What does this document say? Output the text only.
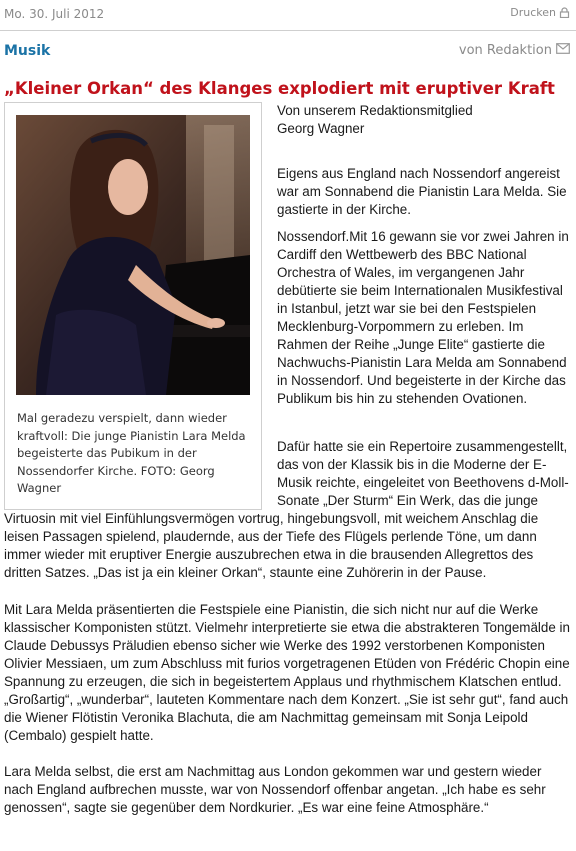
Mo. 30. Juli 2012	Drucken
Musik	von Redaktion
„Kleiner Orkan“ des Klanges explodiert mit eruptiver Kraft
Mal geradezu verspielt, dann wieder kraftvoll: Die junge Pianistin Lara Melda begeisterte das Pubikum in der Nossendorfer Kirche. FOTO: Georg Wagner

Von unserem Redaktionsmitglied
Georg Wagner

Eigens aus England nach Nossendorf angereist war am Sonnabend die Pianistin Lara Melda. Sie gastierte in der Kirche.

Nossendorf.Mit 16 gewann sie vor zwei Jahren in Cardiff den Wettbewerb des BBC National Orchestra of Wales, im vergangenen Jahr debütierte sie beim Internationalen Musikfestival in Istanbul, jetzt war sie bei den Festspielen Mecklenburg-Vorpommern zu erleben. Im Rahmen der Reihe „Junge Elite“ gastierte die Nachwuchs-Pianistin Lara Melda am Sonnabend in Nossendorf. Und begeisterte in der Kirche das Publikum bis hin zu stehenden Ovationen.

Dafür hatte sie ein Repertoire zusammengestellt, das von der Klassik bis in die Moderne der E-Musik reichte, eingeleitet von Beethovens d-Moll-Sonate „Der Sturm“ Ein Werk, das die junge

Virtuosin mit viel Einfühlungsvermögen vortrug, hingebungsvoll, mit weichem Anschlag die leisen Passagen spielend, plaudernde, aus der Tiefe des Flügels perlende Töne, um dann immer wieder mit eruptiver Energie auszubrechen etwa in die brausenden Allegrettos des dritten Satzes. „Das ist ja ein kleiner Orkan“, staunte eine Zuhörerin in der Pause.

Mit Lara Melda präsentierten die Festspiele eine Pianistin, die sich nicht nur auf die Werke klassischer Komponisten stützt. Vielmehr interpretierte sie etwa die abstrakteren Tongemälde in Claude Debussys Präludien ebenso sicher wie Werke des 1992 verstorbenen Komponisten Olivier Messiaen, um zum Abschluss mit furios vorgetragenen Etüden von Frédéric Chopin eine Spannung zu erzeugen, die sich in begeistertem Applaus und rhythmischem Klatschen entlud. „Großartig“, „wunderbar“, lauteten Kommentare nach dem Konzert. „Sie ist sehr gut“, fand auch die Wiener Flötistin Veronika Blachuta, die am Nachmittag gemeinsam mit Sonja Leipold (Cembalo) gespielt hatte.

Lara Melda selbst, die erst am Nachmittag aus London gekommen war und gestern wieder nach England aufbrechen musste, war von Nossendorf offenbar angetan. „Ich habe es sehr genossen“, sagte sie gegenüber dem Nordkurier. „Es war eine feine Atmosphäre.“
